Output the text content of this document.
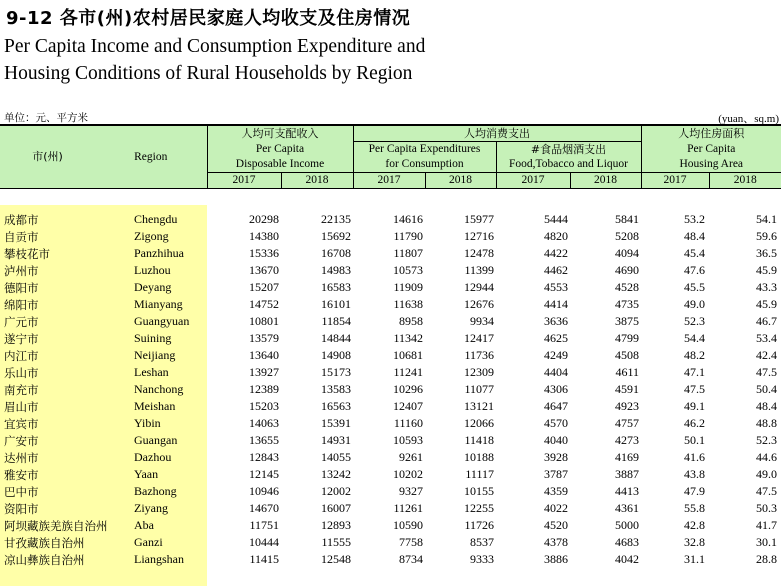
9-12 各市(州)农村居民家庭人均收支及住房情况
Per Capita Income and Consumption Expenditure and
Housing Conditions of Rural Households by Region
单位：元、平方米	(yuan、sq.m)
市(州)	Region	人均可支配收入		人均消费支出				人均住房面积	
		Per Capita		Per Capita Expenditures		#食品烟酒支出		Per Capita	
		Disposable Income		for Consumption		Food,Tobacco and Liquor		Housing Area	
		2017	2018	2017	2018	2017	2018	2017	2018
成都市	Chengdu	20298	22135	14616	15977	5444	5841	53.2	54.1
自贡市	Zigong	14380	15692	11790	12716	4820	5208	48.4	59.6
攀枝花市	Panzhihua	15336	16708	11807	12478	4422	4094	45.4	36.5
泸州市	Luzhou	13670	14983	10573	11399	4462	4690	47.6	45.9
德阳市	Deyang	15207	16583	11909	12944	4553	4528	45.5	43.3
绵阳市	Mianyang	14752	16101	11638	12676	4414	4735	49.0	45.9
广元市	Guangyuan	10801	11854	8958	9934	3636	3875	52.3	46.7
遂宁市	Suining	13579	14844	11342	12417	4625	4799	54.4	53.4
内江市	Neijiang	13640	14908	10681	11736	4249	4508	48.2	42.4
乐山市	Leshan	13927	15173	11241	12309	4404	4611	47.1	47.5
南充市	Nanchong	12389	13583	10296	11077	4306	4591	47.5	50.4
眉山市	Meishan	15203	16563	12407	13121	4647	4923	49.1	48.4
宜宾市	Yibin	14063	15391	11160	12066	4570	4757	46.2	48.8
广安市	Guangan	13655	14931	10593	11418	4040	4273	50.1	52.3
达州市	Dazhou	12843	14055	9261	10188	3928	4169	41.6	44.6
雅安市	Yaan	12145	13242	10202	11117	3787	3887	43.8	49.0
巴中市	Bazhong	10946	12002	9327	10155	4359	4413	47.9	47.5
资阳市	Ziyang	14670	16007	11261	12255	4022	4361	55.8	50.3
阿坝藏族羌族自治州	Aba	11751	12893	10590	11726	4520	5000	42.8	41.7
甘孜藏族自治州	Ganzi	10444	11555	7758	8537	4378	4683	32.8	30.1
凉山彝族自治州	Liangshan	11415	12548	8734	9333	3886	4042	31.1	28.8
